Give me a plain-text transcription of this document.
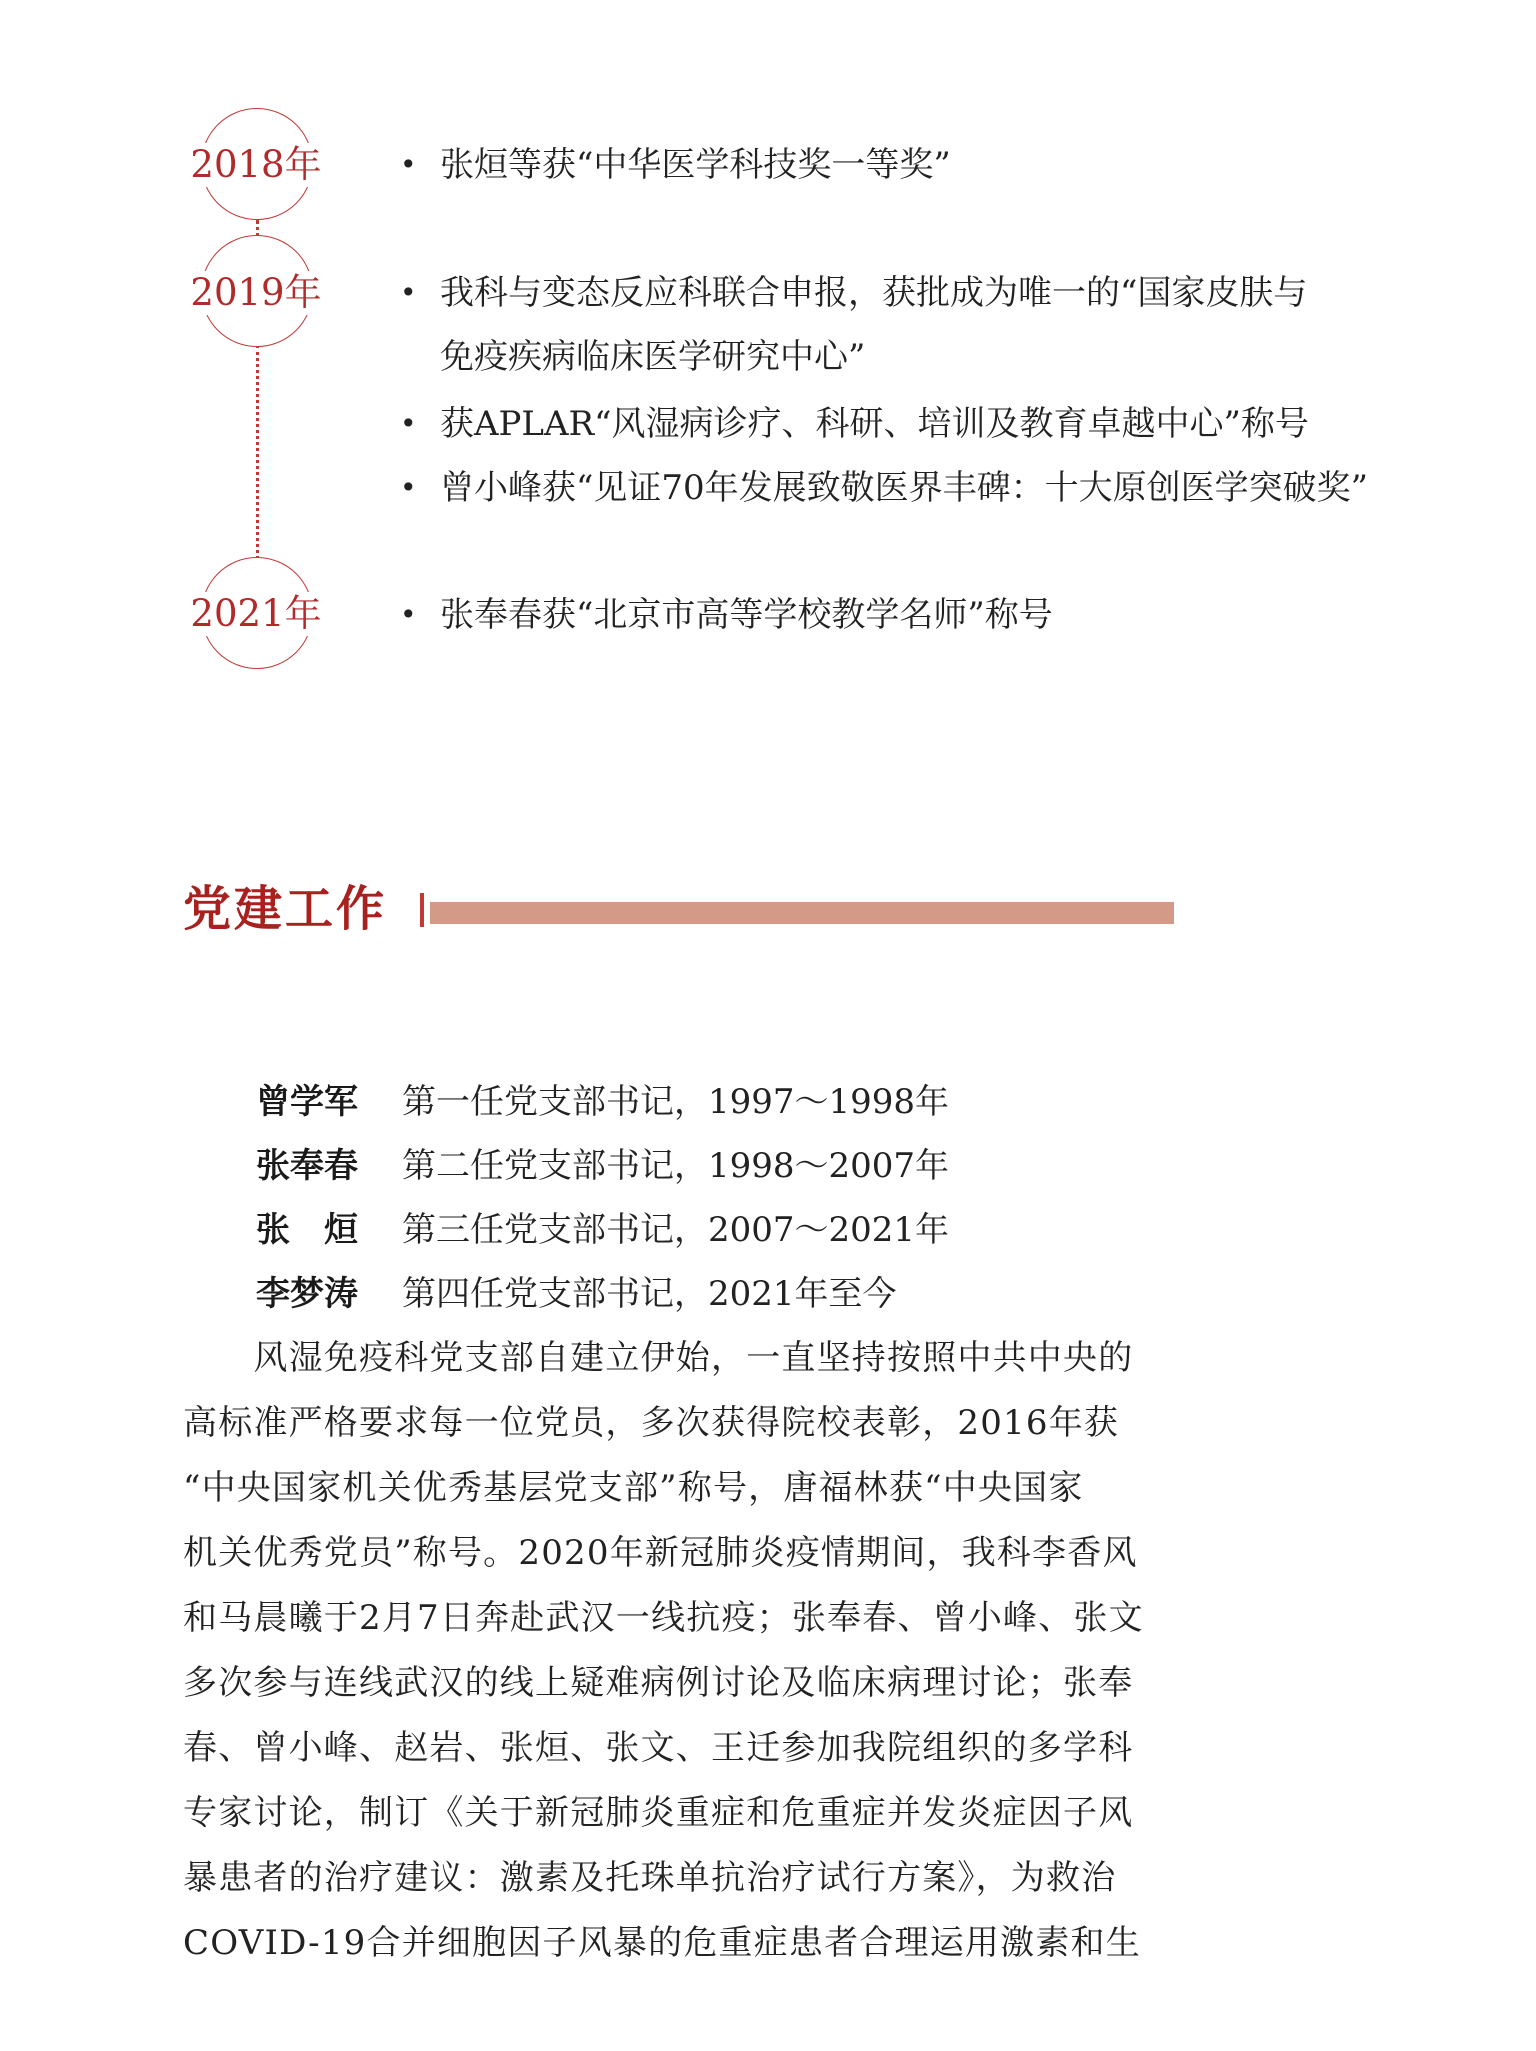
2018年	• 张烜等获“中华医学科技奖一等奖”
2019年	• 我科与变态反应科联合申报，获批成为唯一的“国家皮肤与
免疫疾病临床医学研究中心”
• 获APLAR“风湿病诊疗、科研、培训及教育卓越中心”称号
• 曾小峰获“见证70年发展致敬医界丰碑：十大原创医学突破奖”
2021年	• 张奉春获“北京市高等学校教学名师”称号
党建工作
曾学军 第一任党支部书记，1997～1998年
张奉春 第二任党支部书记，1998～2007年
张　烜 第三任党支部书记，2007～2021年
李梦涛 第四任党支部书记，2021年至今
　　风湿免疫科党支部自建立伊始，一直坚持按照中共中央的
高标准严格要求每一位党员，多次获得院校表彰，2016年获
“中央国家机关优秀基层党支部”称号，唐福林获“中央国家
机关优秀党员”称号。2020年新冠肺炎疫情期间，我科李香风
和马晨曦于2月7日奔赴武汉一线抗疫；张奉春、曾小峰、张文
多次参与连线武汉的线上疑难病例讨论及临床病理讨论；张奉
春、曾小峰、赵岩、张烜、张文、王迁参加我院组织的多学科
专家讨论，制订《关于新冠肺炎重症和危重症并发炎症因子风
暴患者的治疗建议：激素及托珠单抗治疗试行方案》，为救治
COVID-19合并细胞因子风暴的危重症患者合理运用激素和生
